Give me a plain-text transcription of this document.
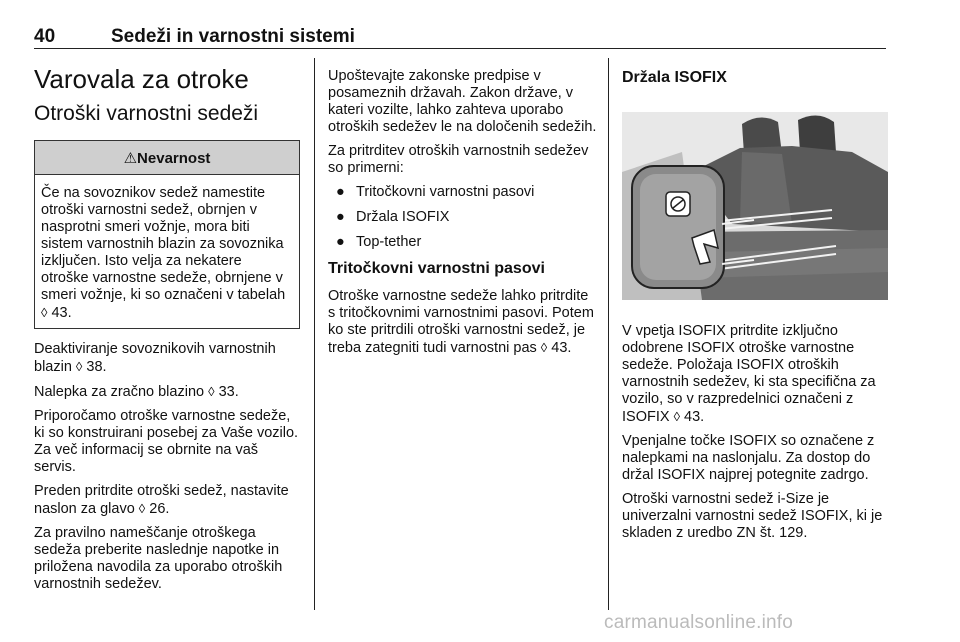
40	Sedeži in varnostni sistemi
Varovala za otroke
Otroški varnostni sedeži
⚠Nevarnost

Če na sovoznikov sedež namestite otroški varnostni sedež, obrnjen v nasprotni smeri vožnje, mora biti sistem varnostnih blazin za sovoznika izključen. Isto velja za nekatere otroške varnostne sedeže, obrnjene v smeri vožnje, ki so označeni v tabelah ◊ 43.

Deaktiviranje sovoznikovih varnostnih blazin ◊ 38.

Nalepka za zračno blazino ◊ 33.

Priporočamo otroške varnostne sedeže, ki so konstruirani posebej za Vaše vozilo. Za več informacij se obrnite na vaš servis.

Preden pritrdite otroški sedež, nastavite naslon za glavo ◊ 26.

Za pravilno nameščanje otroškega sedeža preberite naslednje napotke in priložena navodila za uporabo otroških varnostnih sedežev.

Upoštevajte zakonske predpise v posameznih državah. Zakon države, v kateri vozilte, lahko zahteva uporabo otroških sedežev le na določenih sedežih.

Za pritrditev otroških varnostnih sedežev so primerni:

● Tritočkovni varnostni pasovi
● Držala ISOFIX
● Top-tether
Tritočkovni varnostni pasovi

Otroške varnostne sedeže lahko pritrdite s tritočkovnimi varnostnimi pasovi. Potem ko ste pritrdili otroški varnostni sedež, je treba zategniti tudi varnostni pas ◊ 43.

Držala ISOFIX

V vpetja ISOFIX pritrdite izključno odobrene ISOFIX otroške varnostne sedeže. Položaja ISOFIX otroških varnostnih sedežev, ki sta specifična za vozilo, so v razpredelnici označeni z ISOFIX ◊ 43.

Vpenjalne točke ISOFIX so označene z nalepkami na naslonjalu. Za dostop do držal ISOFIX najprej potegnite zadrgo.

Otroški varnostni sedež i-Size je univerzalni varnostni sedež ISOFIX, ki je skladen z uredbo ZN št. 129.

carmanualsonline.info
